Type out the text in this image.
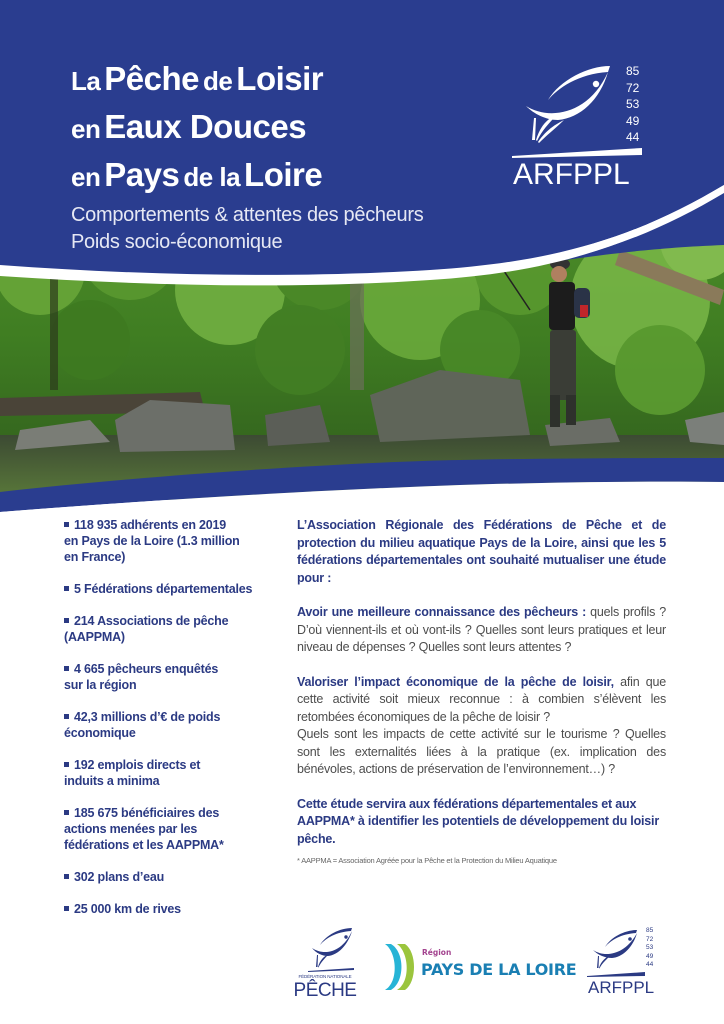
La Pêche de Loisir
en Eaux Douces
en Pays de la Loire
Comportements & attentes des pêcheurs
Poids socio-économique
85
72
53
49
44
ARFPPL
118 935 adhérents en 2019
en Pays de la Loire (1.3 million
en France)
5 Fédérations départementales
214 Associations de pêche
(AAPPMA)
4 665 pêcheurs enquêtés
sur la région
42,3 millions d’€ de poids
économique
192 emplois directs et
induits a minima
185 675 bénéficiaires des
actions menées par les
fédérations et les AAPPMA*
302 plans d’eau
25 000 km de rives

L’Association Régionale des Fédérations de Pêche et de protection du milieu aquatique Pays de la Loire, ainsi que les 5 fédérations départementales ont souhaité mutualiser une étude pour :

Avoir une meilleure connaissance des pêcheurs : quels profils ? D’où viennent-ils et où vont-ils ? Quelles sont leurs pratiques et leur niveau de dépenses ? Quelles sont leurs attentes ?

Valoriser l’impact économique de la pêche de loisir, afin que cette activité soit mieux reconnue : à combien s’élèvent les retombées économiques de la pêche de loisir ?
Quels sont les impacts de cette activité sur le tourisme ? Quelles sont les externalités liées à la pratique (ex. implication des bénévoles, actions de préservation de l’environnement…) ?

Cette étude servira aux fédérations départementales et aux AAPPMA* à identifier les potentiels de développement du loisir pêche.

* AAPPMA = Association Agréée pour la Pêche et la Protection du Milieu Aquatique

FÉDÉRATION NATIONALE
PÊCHE
Région
PAYS DE LA LOIRE
85
72
53
49
44
ARFPPL
